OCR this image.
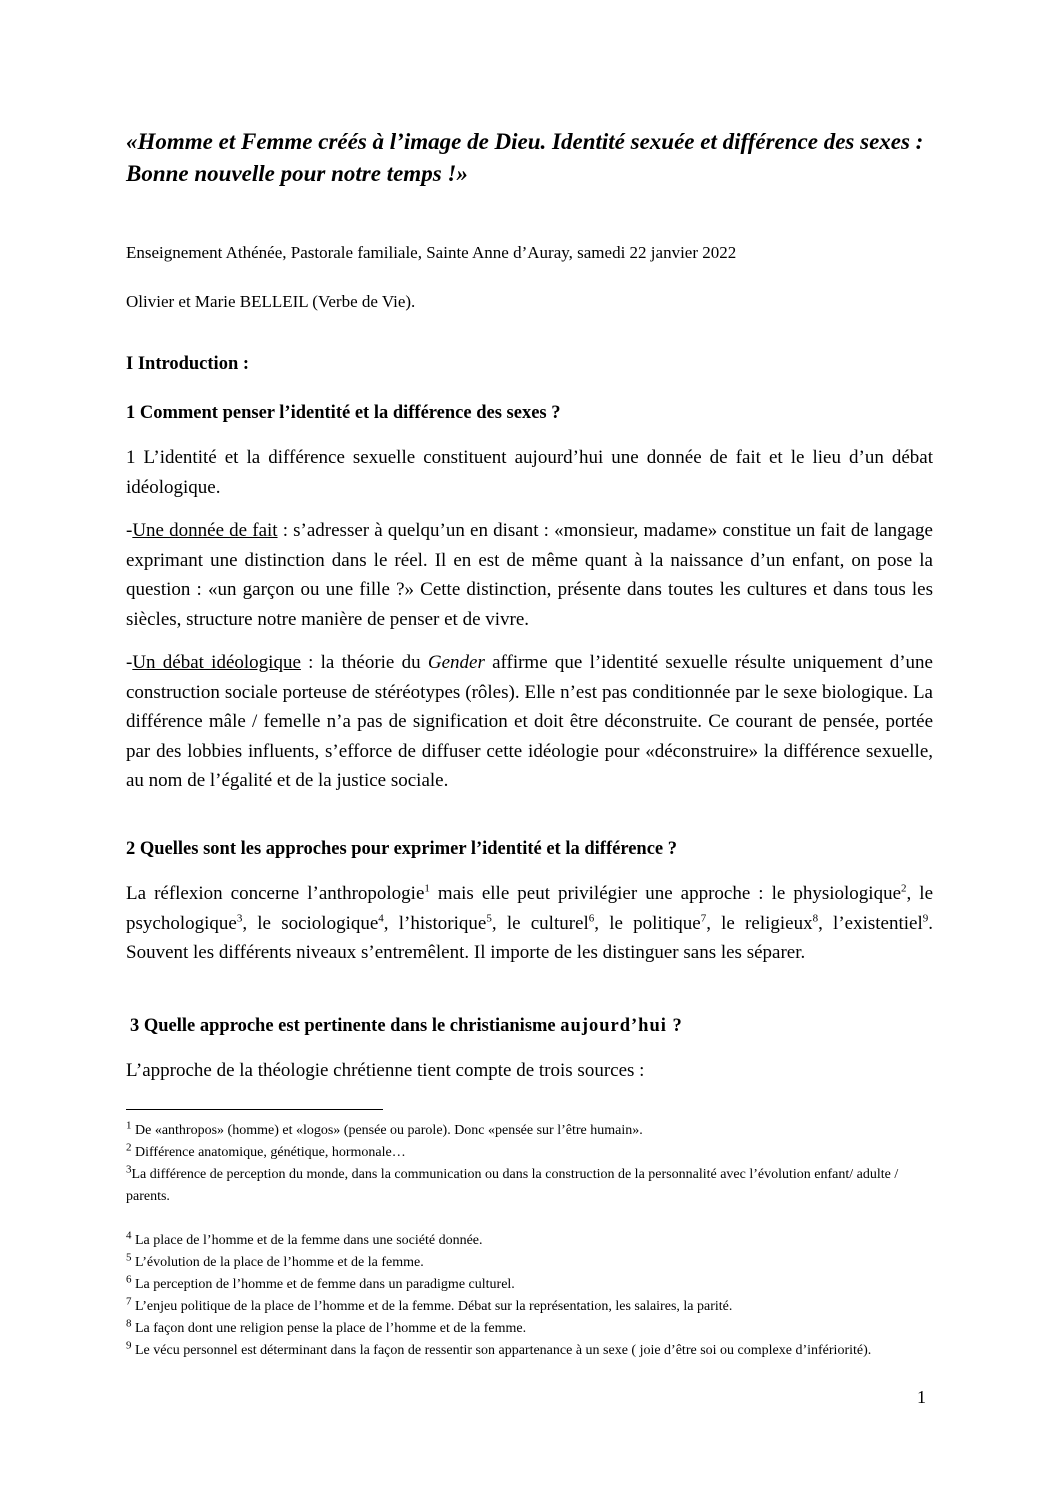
«Homme et Femme créés à l’image de Dieu. Identité sexuée et différence des sexes : Bonne nouvelle pour notre temps !»

Enseignement Athénée, Pastorale familiale, Sainte Anne d’Auray, samedi 22 janvier 2022

Olivier et Marie BELLEIL (Verbe de Vie).

I Introduction :
1 Comment penser l’identité et la différence des sexes ?

1 L’identité et la différence sexuelle constituent aujourd’hui une donnée de fait et le lieu d’un débat idéologique.

-Une donnée de fait : s’adresser à quelqu’un en disant : «monsieur, madame» constitue un fait de langage exprimant une distinction dans le réel. Il en est de même quant à la naissance d’un enfant, on pose la question : «un garçon ou une fille ?» Cette distinction, présente dans toutes les cultures et dans tous les siècles, structure notre manière de penser et de vivre.

-Un débat idéologique : la théorie du Gender affirme que l’identité sexuelle résulte uniquement d’une construction sociale porteuse de stéréotypes (rôles). Elle n’est pas conditionnée par le sexe biologique. La différence mâle / femelle n’a pas de signification et doit être déconstruite. Ce courant de pensée, portée par des lobbies influents, s’efforce de diffuser cette idéologie pour «déconstruire» la différence sexuelle, au nom de l’égalité et de la justice sociale.

2 Quelles sont les approches pour exprimer l’identité et la différence ?

La réflexion concerne l’anthropologie$^1$ mais elle peut privilégier une approche : le physiologique$^2$, le psychologique$^3$, le sociologique$^4$, l’historique$^5$, le culturel$^6$, le politique$^7$, le religieux$^8$, l’existentiel$^9$. Souvent les différents niveaux s’entremêlent. Il importe de les distinguer sans les séparer.

3 Quelle approche est pertinente dans le christianisme aujourd’hui ?

L’approche de la théologie chrétienne tient compte de trois sources :

$^1$ De «anthropos» (homme) et «logos» (pensée ou parole). Donc «pensée sur l’être humain».

$^2$ Différence anatomique, génétique, hormonale…

$^3$La différence de perception du monde, dans la communication ou dans la construction de la personnalité avec l’évolution enfant/ adulte / parents.

$^4$ La place de l’homme et de la femme dans une société donnée.

$^5$ L’évolution de la place de l’homme et de la femme.

$^6$ La perception de l’homme et de femme dans un paradigme culturel.

$^7$ L’enjeu politique de la place de l’homme et de la femme. Débat sur la représentation, les salaires, la parité.

$^8$ La façon dont une religion pense la place de l’homme et de la femme.

$^9$ Le vécu personnel est déterminant dans la façon de ressentir son appartenance à un sexe ( joie d’être soi ou complexe d’infériorité).

1
